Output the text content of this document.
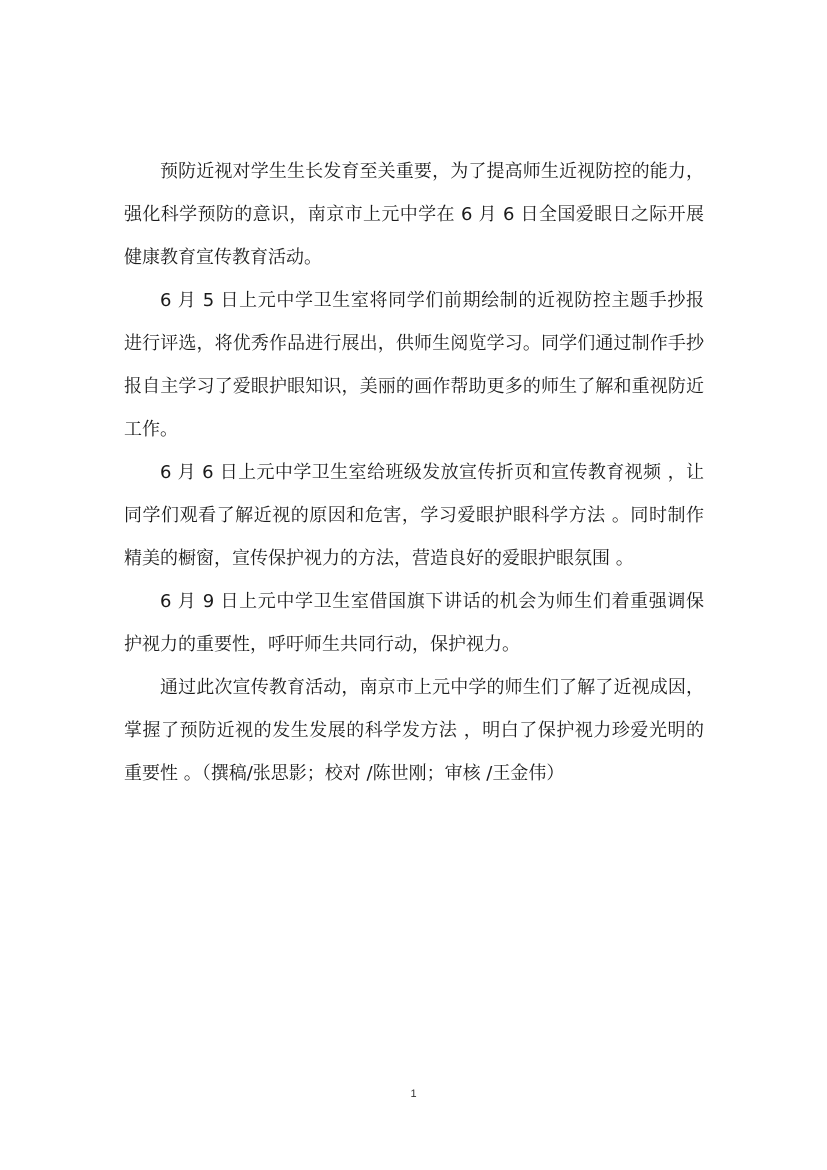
预防近视对学生生长发育至关重要，为了提高师生近视防控的能力，强化科学预防的意识，南京市上元中学在 6 月 6 日全国爱眼日之际开展健康教育宣传教育活动。

6 月 5 日上元中学卫生室将同学们前期绘制的近视防控主题手抄报进行评选，将优秀作品进行展出，供师生阅览学习。同学们通过制作手抄报自主学习了爱眼护眼知识，美丽的画作帮助更多的师生了解和重视防近工作。

6 月 6 日上元中学卫生室给班级发放宣传折页和宣传教育视频 ，让同学们观看了解近视的原因和危害，学习爱眼护眼科学方法 。同时制作精美的橱窗，宣传保护视力的方法，营造良好的爱眼护眼氛围 。

6 月 9 日上元中学卫生室借国旗下讲话的机会为师生们着重强调保护视力的重要性，呼吁师生共同行动，保护视力。

通过此次宣传教育活动，南京市上元中学的师生们了解了近视成因，掌握了预防近视的发生发展的科学发方法 ，明白了保护视力珍爱光明的重要性 。（撰稿/张思影；校对 /陈世刚；审核 /王金伟）

1
